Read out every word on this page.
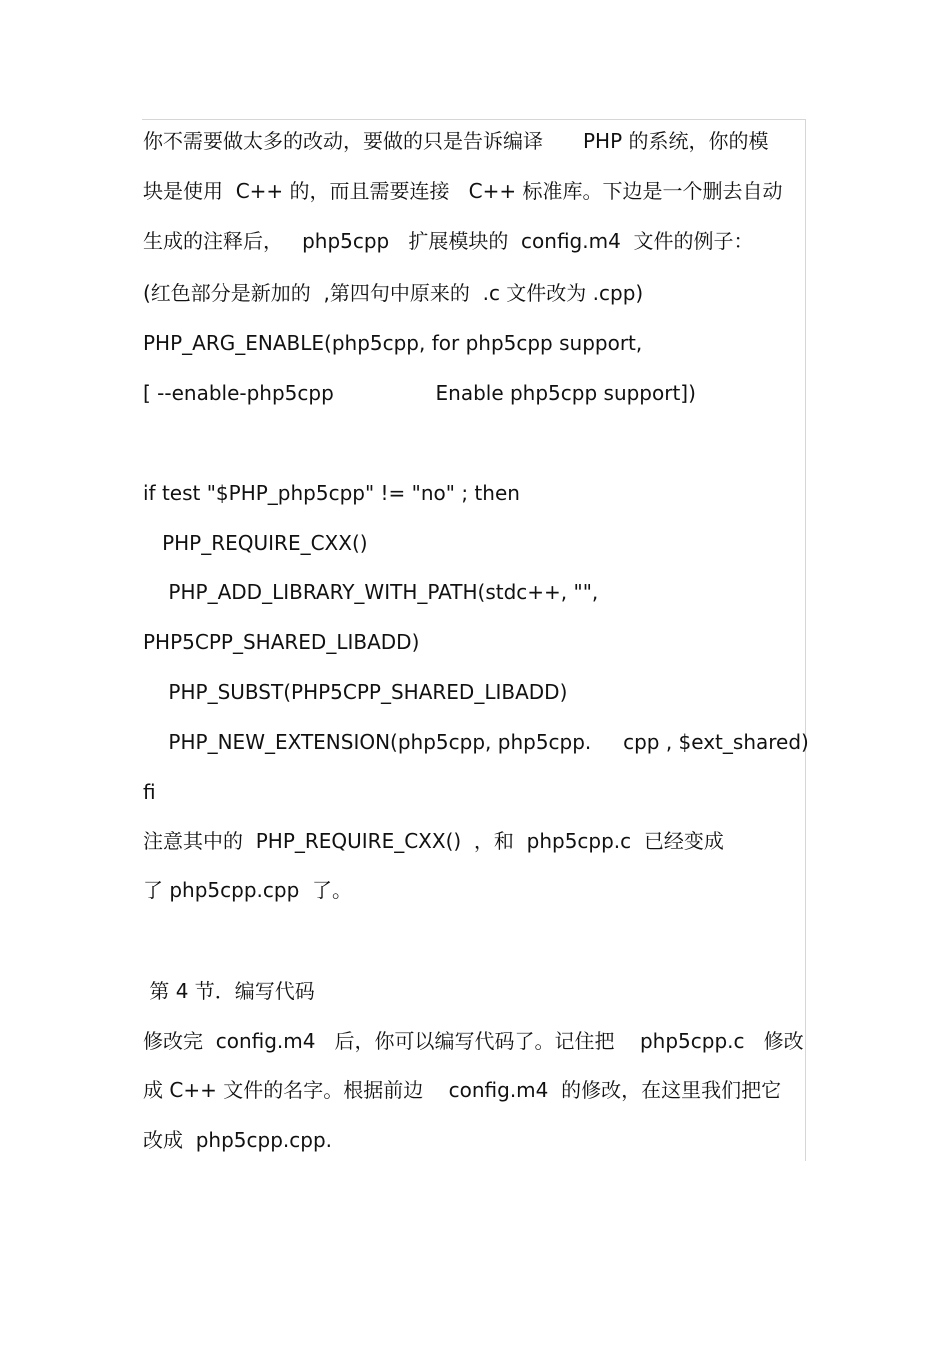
你不需要做太多的改动，要做的只是告诉编译　　PHP 的系统，你的模
块是使用  C++ 的，而且需要连接   C++ 标准库。下边是一个删去自动
生成的注释后，   php5cpp   扩展模块的  config.m4  文件的例子：
(红色部分是新加的  ,第四句中原来的  .c 文件改为 .cpp)
PHP_ARG_ENABLE(php5cpp, for php5cpp support,
[ --enable-php5cpp                Enable php5cpp support])
if test "$PHP_php5cpp" != "no" ; then
PHP_REQUIRE_CXX()
PHP_ADD_LIBRARY_WITH_PATH(stdc++, "",
PHP5CPP_SHARED_LIBADD)
PHP_SUBST(PHP5CPP_SHARED_LIBADD)
PHP_NEW_EXTENSION(php5cpp, php5cpp.     cpp , $ext_shared)
fi
注意其中的  PHP_REQUIRE_CXX()  ，和  php5cpp.c  已经变成
了 php5cpp.cpp  了。
第 4 节．编写代码
修改完  config.m4   后，你可以编写代码了。记住把    php5cpp.c   修改
成 C++ 文件的名字。根据前边    config.m4  的修改，在这里我们把它
改成  php5cpp.cpp.
